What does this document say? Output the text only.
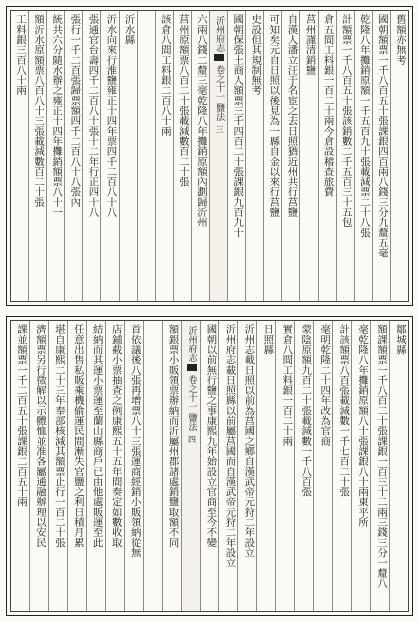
舊額亦無考
國朝額票一千八百五十張課銀四百兩八錢三分九釐五毫
乾隆八年攤銷原額一千五百九十張載減票二十八張
計額票一千八百五十張該銷數二千五百三十五包
倉五間工料銀一百二十兩今倉設稽查旅費
莒州謹清銷鹽
自漢人潘立汪于名宦之去日照猶近州共行莒鹽
可知矣元自日照以後見為一縣自金以來行莒鹽
史設但其規制無考
國朝保張土商人額票三千四百二十張課銀九百九十
沂州府志卷之十一鹽法三
六兩八錢二釐三毫乾隆八年攤銷原額內劃歸沂州
莒州原額票八百二十張載減數百二十張
該倉八間工料銀二百八十兩
沂水縣
沂水向來行淮鹽雍正十四年票四千二百八十八
張通官台壽四千二百八十張十二年行正四十八
張行一千二百張歸票額四千二百八十八張內
統共六分隨水辦之雍正十四年攤銷額票八十一
額沂水原額票八百八十三張載減數百二十張
工料銀三百八十兩
鄒城縣
額課額票一千八百二十張課銀一百三十二兩三錢三分一釐八
毫乾隆八年攤銷原額八十張課銀八十兩東平所
計該額票八百張載減數一千七百二十張
毫明乾隆二十四年改為官商
蒙陰原額九百二十張載減數一千八百張
實倉八間工料銀一百二十兩
日照縣
沂州志載日照以前為莒國之鄉自漢武帝元狩二年設立
沂州府志載日照縣以前屬莒國而自漢武帝元狩二年設立
國朝以前無行鹽之事康熙九年始設立官商至今不變
沂州府志卷之十一鹽法四
額銀票小販領票辦納而沂屬州郡諸處銷鹽取額不同
首依議後八張再增票八十三張運商經銷小販領納從無
店鋪截小票抽查之例康熙五十五年間奏定如數收取
結納而其運小票運至蘭山縣商戶已由他處販運至此
任意出售私販乘機偷運民間漸失官鹽之利日積月累
堪自康熙二十三年奉部核減其額票止行一百二十張
濟額票另行徵解以示體恤並准各屬通融辦理以安民
課並額票一千二百五十張課銀二百五十兩
